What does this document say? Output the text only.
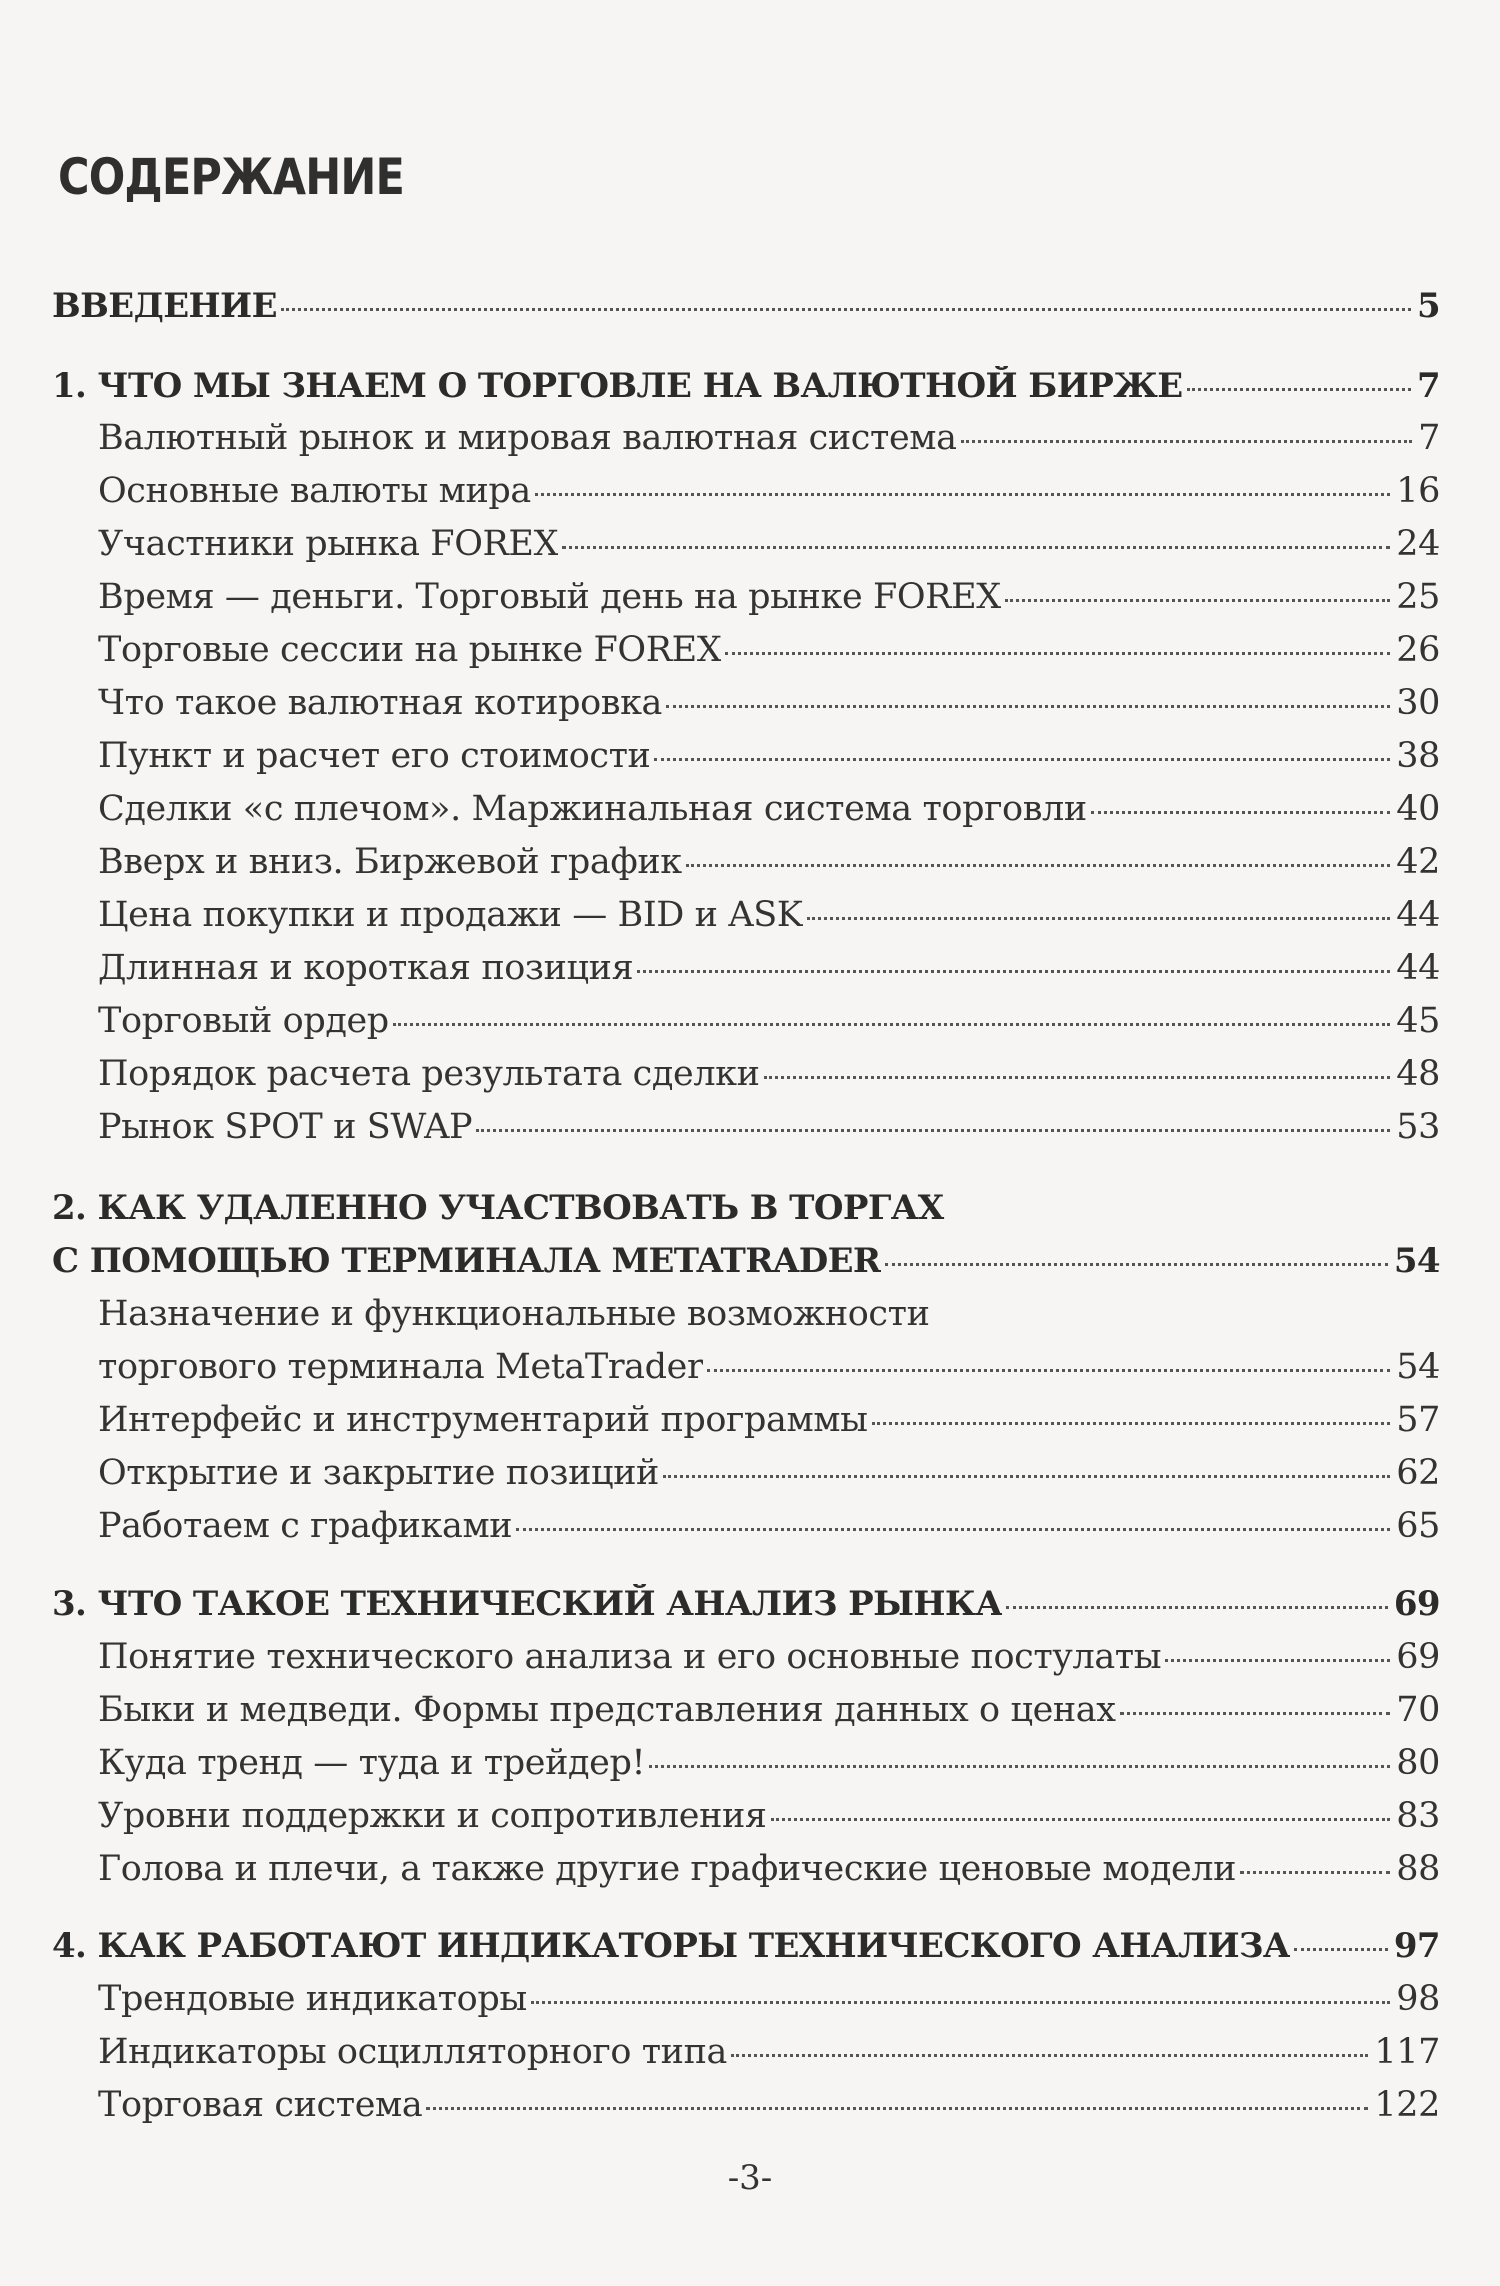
СОДЕРЖАНИЕ
ВВЕДЕНИЕ	5
1. ЧТО МЫ ЗНАЕМ О ТОРГОВЛЕ НА ВАЛЮТНОЙ БИРЖЕ	7
Валютный рынок и мировая валютная система	7
Основные валюты мира	16
Участники рынка FOREX	24
Время — деньги. Торговый день на рынке FOREX	25
Торговые сессии на рынке FOREX	26
Что такое валютная котировка	30
Пункт и расчет его стоимости	38
Сделки «с плечом». Маржинальная система торговли	40
Вверх и вниз. Биржевой график	42
Цена покупки и продажи — BID и ASK	44
Длинная и короткая позиция	44
Торговый ордер	45
Порядок расчета результата сделки	48
Рынок SPOT и SWAP	53
2. КАК УДАЛЕННО УЧАСТВОВАТЬ В ТОРГАХ
С ПОМОЩЬЮ ТЕРМИНАЛА METATRADER	54
Назначение и функциональные возможности
торгового терминала MetaTrader	54
Интерфейс и инструментарий программы	57
Открытие и закрытие позиций	62
Работаем с графиками	65
3. ЧТО ТАКОЕ ТЕХНИЧЕСКИЙ АНАЛИЗ РЫНКА	69
Понятие технического анализа и его основные постулаты	69
Быки и медведи. Формы представления данных о ценах	70
Куда тренд — туда и трейдер!	80
Уровни поддержки и сопротивления	83
Голова и плечи, а также другие графические ценовые модели	88
4. КАК РАБОТАЮТ ИНДИКАТОРЫ ТЕХНИЧЕСКОГО АНАЛИЗА	97
Трендовые индикаторы	98
Индикаторы осцилляторного типа	117
Торговая система	122
-3-
